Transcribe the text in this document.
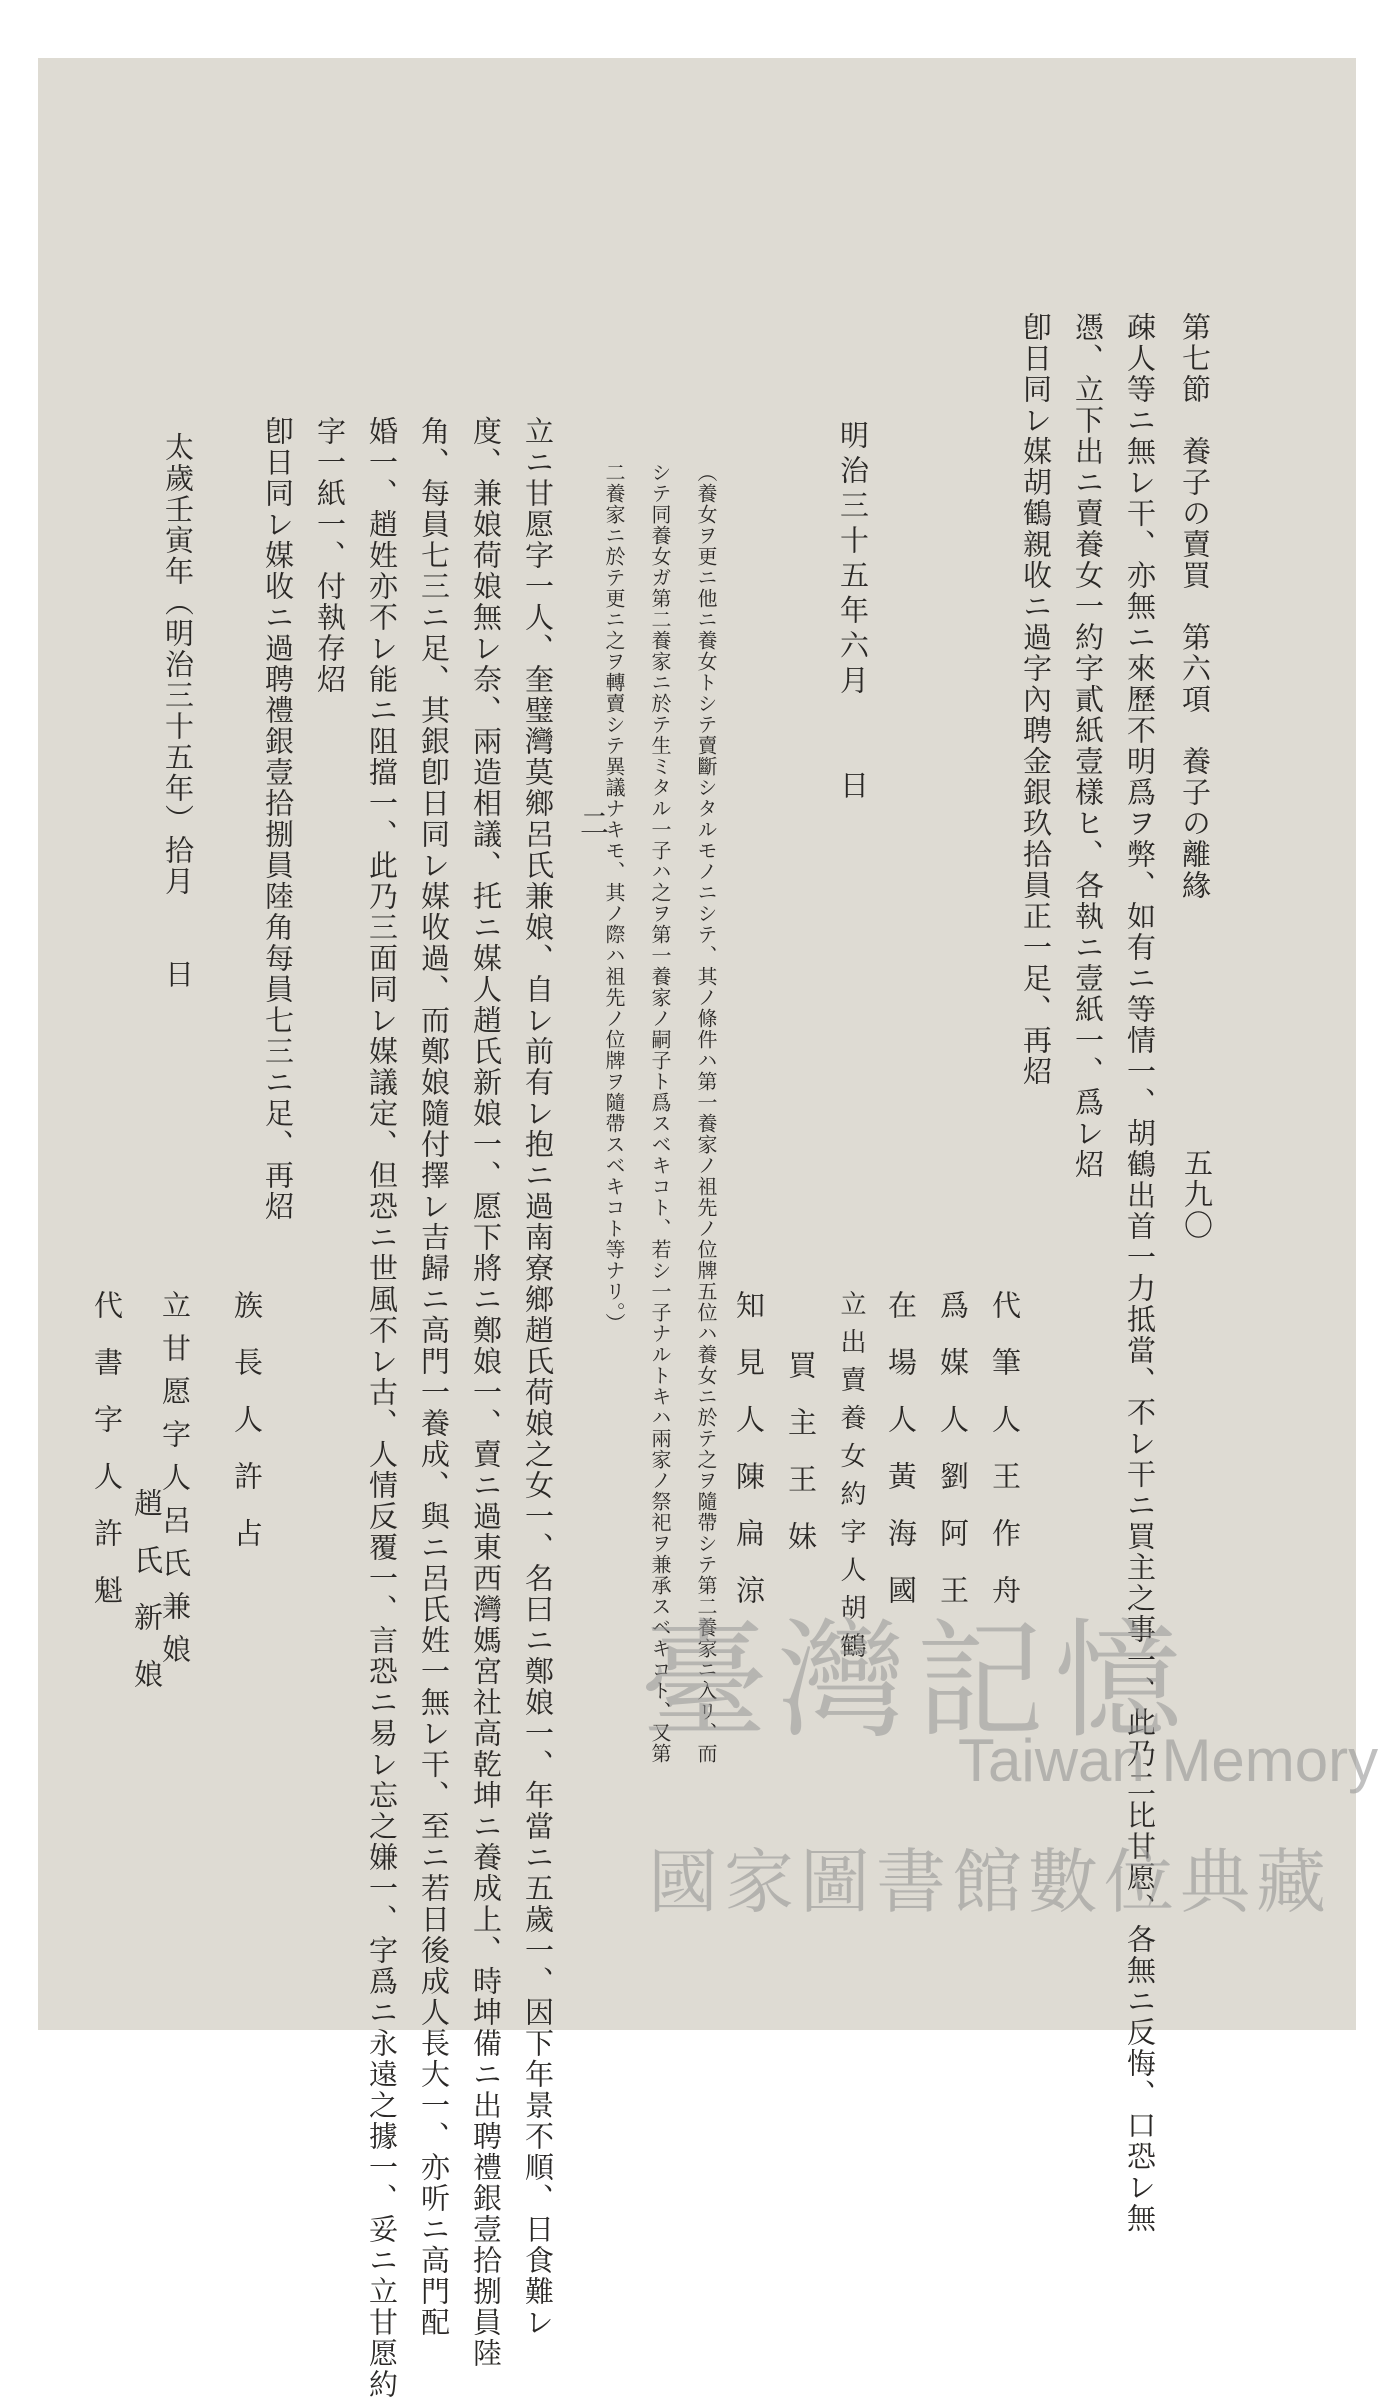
第七節　養子の賣買　第六項　養子の離緣
五九〇
疎人等ニ無レ干、亦無ニ來歷不明爲ヲ弊、如有ニ等情一、胡鶴出首一力抵當、不レ干ニ買主之事一、此乃二比甘愿、各無ニ反悔、口恐レ無
憑、立下出ニ賣養女一約字貳紙壹樣ヒ、各執ニ壹紙一、爲レ炤
卽日同レ媒胡鶴親收ニ過字內聘金銀玖拾員正一足、再炤
代筆人王作舟
爲媒人劉阿王
在場人黃海國
立出賣養女約字人胡鶴
買主王妹
知見人陳扁涼
明治三十五年六月　　日
（養女ヲ更ニ他ニ養女トシテ賣斷シタルモノニシテ、其ノ條件ハ第一養家ノ祖先ノ位牌五位ハ養女ニ於テ之ヲ隨帶シテ第二養家ニ入リ、而
シテ同養女ガ第二養家ニ於テ生ミタル一子ハ之ヲ第一養家ノ嗣子ト爲スベキコト、若シ一子ナルトキハ兩家ノ祭祀ヲ兼承スベキコト、又第
二養家ニ於テ更ニ之ヲ轉賣シテ異議ナキモ、其ノ際ハ祖先ノ位牌ヲ隨帶スベキコト等ナリ。）
二
立ニ甘愿字一人、奎璧灣莫鄉呂氏兼娘、自レ前有レ抱ニ過南寮鄉趙氏荷娘之女一、名曰ニ鄭娘一、年當ニ五歲一、因下年景不順、日食難レ
度、兼娘荷娘無レ奈、兩造相議、托ニ媒人趙氏新娘一、愿下將ニ鄭娘一、賣ニ過東西灣媽宮社高乾坤ニ養成上、時坤備ニ出聘禮銀壹拾捌員陸
角、每員七三ニ足、其銀卽日同レ媒收過、而鄭娘隨付擇レ吉歸ニ高門一養成、與ニ呂氏姓一無レ干、至ニ若日後成人長大一、亦听ニ高門配
婚一、趙姓亦不レ能ニ阻擋一、此乃三面同レ媒議定、但恐ニ世風不レ古、人情反覆一、言恐ニ易レ忘之嫌一、字爲ニ永遠之據一、妥ニ立甘愿約
字一紙一、付執存炤
卽日同レ媒收ニ過聘禮銀壹拾捌員陸角每員七三ニ足、再炤
太歲壬寅年（明治三十五年）拾月　　日
族長人許占
立甘愿字人呂氏兼娘
趙氏新娘
代書字人許魁
臺灣記憶
Taiwan Memory
國家圖書館數位典藏
